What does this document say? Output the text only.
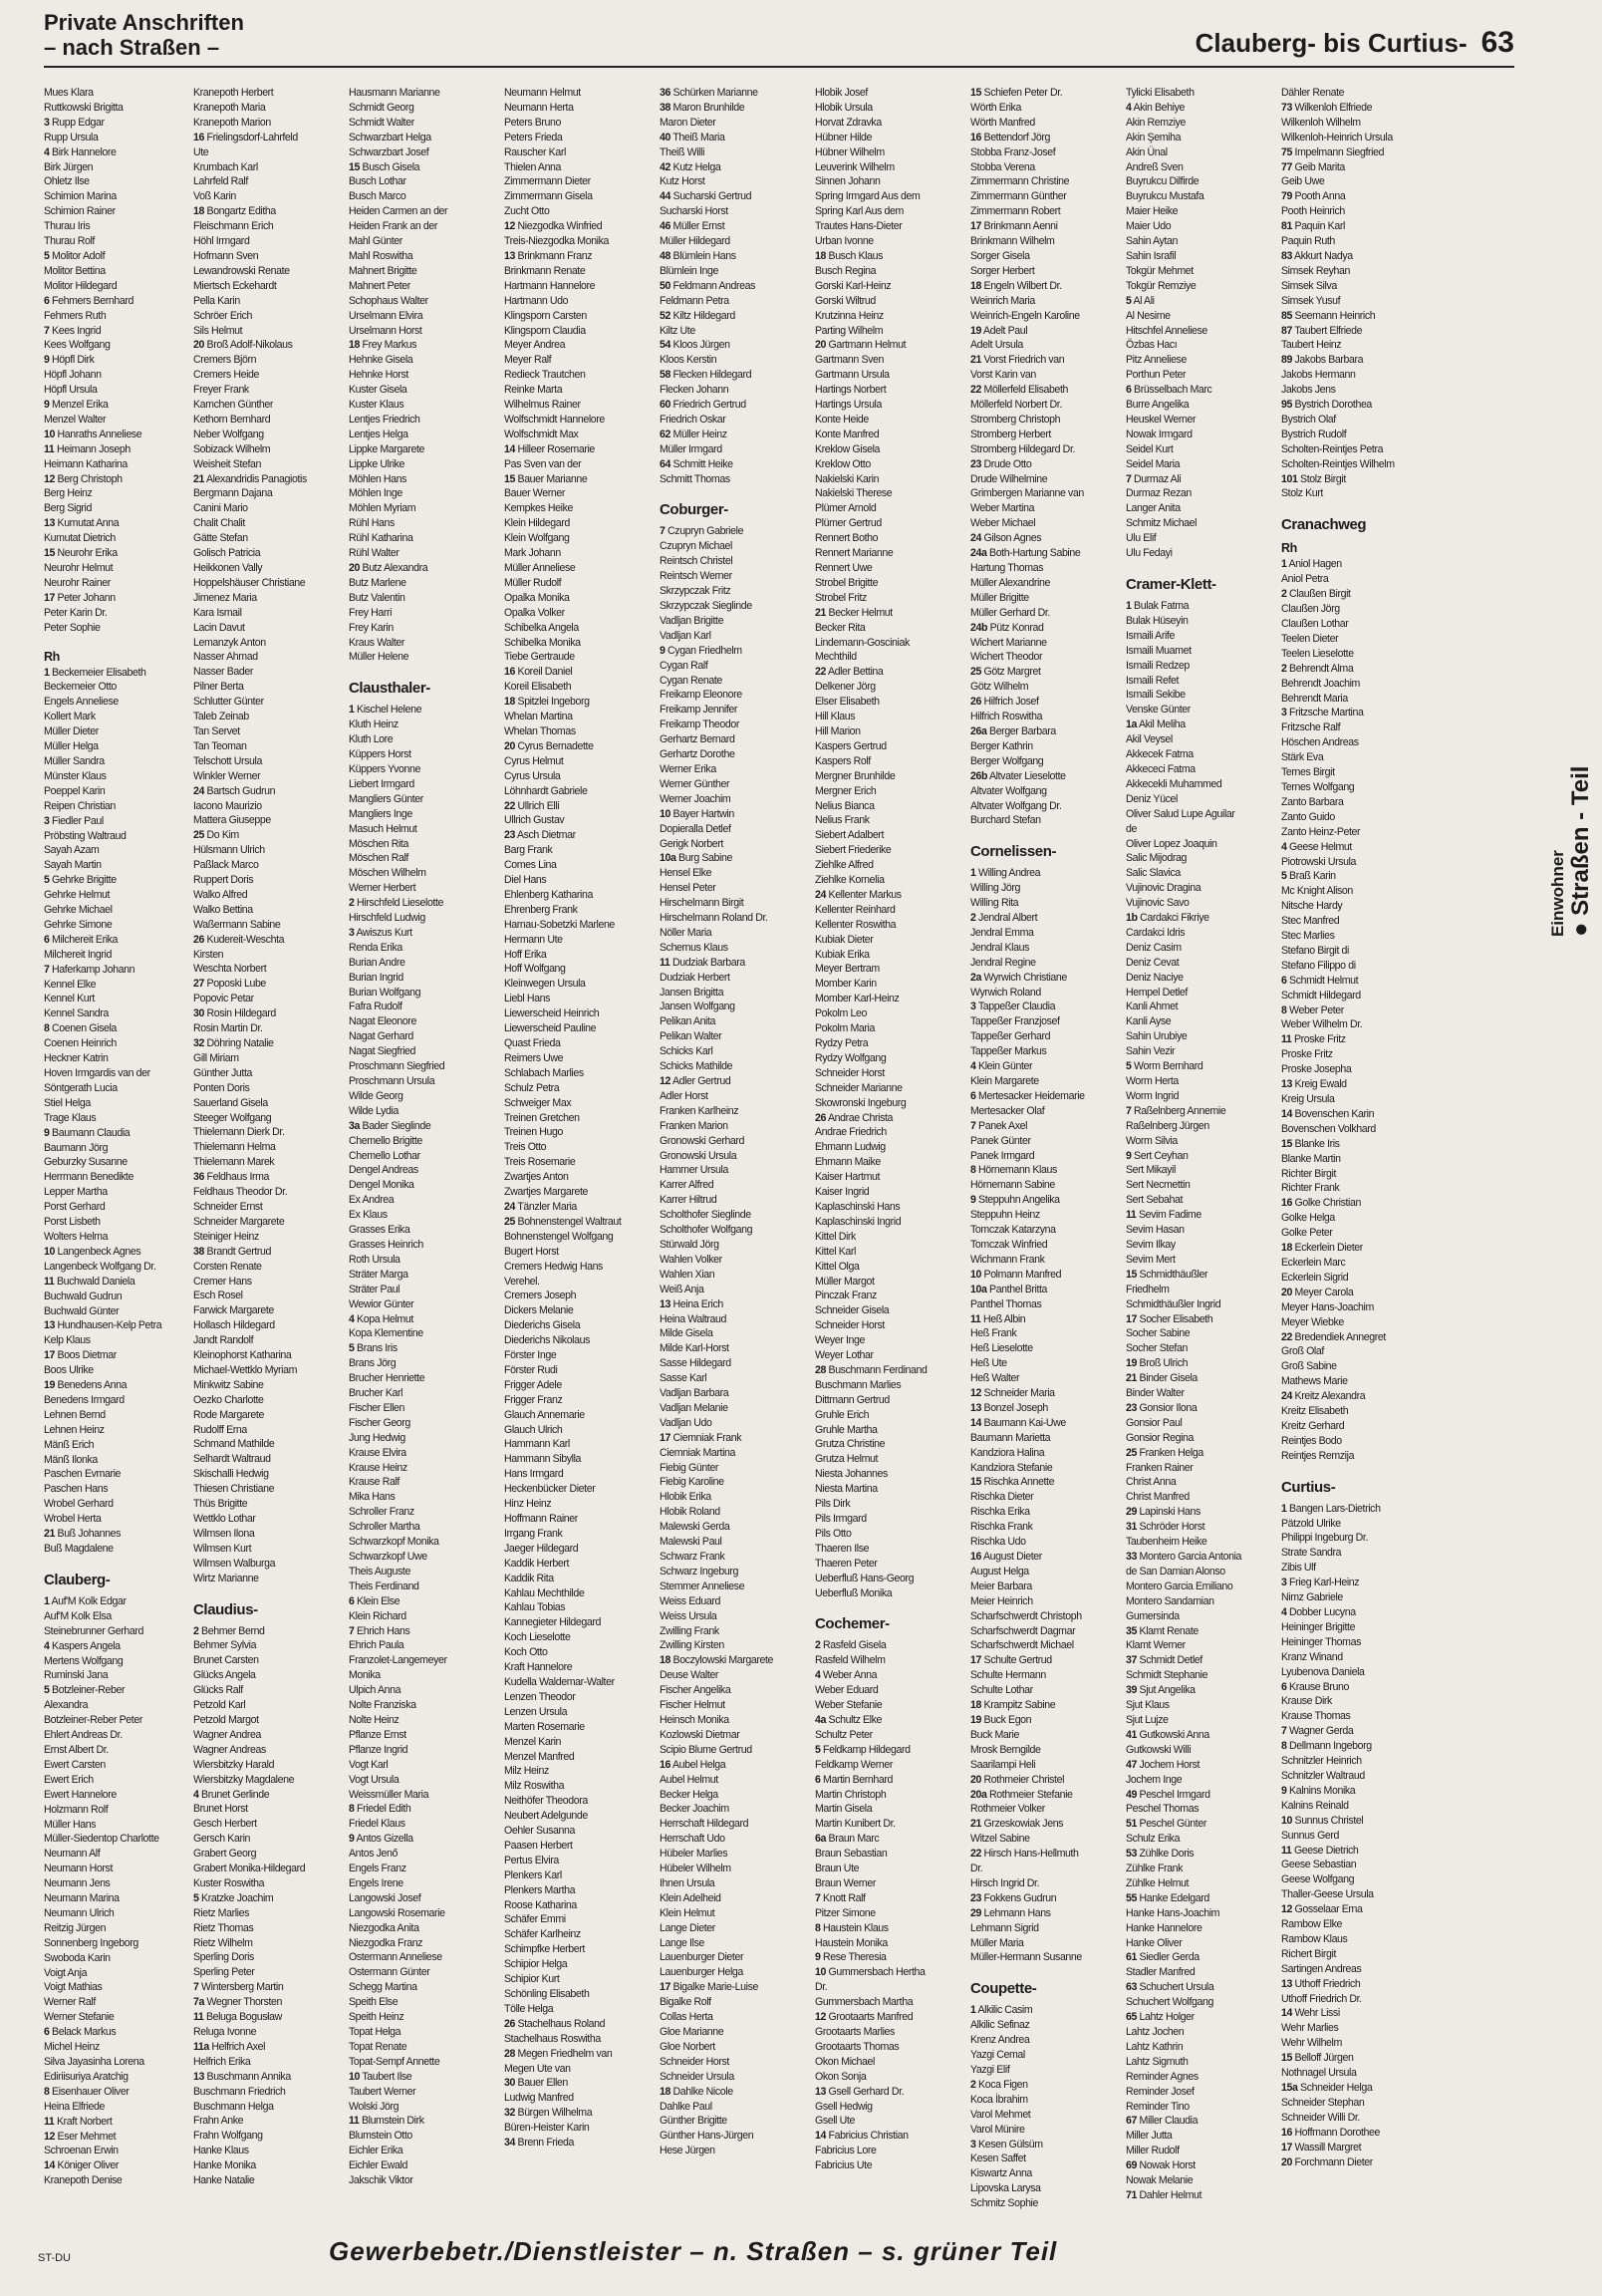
Private Anschriften
– nach Straßen –	Clauberg- bis Curtius- 63
Mues Klara
Ruttkowski Brigitta
3 Rupp Edgar
Rupp Ursula
4 Birk Hannelore
Birk Jürgen
Ohletz Ilse
Schimion Marina
Schimion Rainer
Thurau Iris
Thurau Rolf
5 Molitor Adolf
Molitor Bettina
Molitor Hildegard
6 Fehmers Bernhard
Fehmers Ruth
7 Kees Ingrid
Kees Wolfgang
9 Höpfl Dirk
Höpfl Johann
Höpfl Ursula
9 Menzel Erika
Menzel Walter
10 Hanraths Anneliese
11 Heimann Joseph
Heimann Katharina
12 Berg Christoph
Berg Heinz
Berg Sigrid
13 Kumutat Anna
Kumutat Dietrich
15 Neurohr Erika
Neurohr Helmut
Neurohr Rainer
17 Peter Johann
Peter Karin Dr.
Peter Sophie
Rh
1 Beckemeier Elisabeth
Beckemeier Otto
Engels Anneliese
Kollert Mark
Müller Dieter
Müller Helga
Müller Sandra
Münster Klaus
Poeppel Karin
Reipen Christian
3 Fiedler Paul
Pröbsting Waltraud
Sayah Azam
Sayah Martin
5 Gehrke Brigitte
Gehrke Helmut
Gehrke Michael
Gehrke Simone
6 Milchereit Erika
Milchereit Ingrid
7 Haferkamp Johann
Kennel Elke
Kennel Kurt
Kennel Sandra
8 Coenen Gisela
Coenen Heinrich
Heckner Katrin
Hoven Irmgardis van der
Söntgerath Lucia
Stiel Helga
Trage Klaus
9 Baumann Claudia
Baumann Jörg
Geburzky Susanne
Herrmann Benedikte
Lepper Martha
Porst Gerhard
Porst Lisbeth
Wolters Helma
10 Langenbeck Agnes
Langenbeck Wolfgang Dr.
11 Buchwald Daniela
Buchwald Gudrun
Buchwald Günter
13 Hundhausen-Kelp Petra
Kelp Klaus
17 Boos Dietmar
Boos Ulrike
19 Benedens Anna
Benedens Irmgard
Lehnen Bernd
Lehnen Heinz
Mänß Erich
Mänß Ilonka
Paschen Evmarie
Paschen Hans
Wrobel Gerhard
Wrobel Herta
21 Buß Johannes
Buß Magdalene
Clauberg-
1 Auf'M Kolk Edgar
Auf'M Kolk Elsa
Steinebrunner Gerhard
4 Kaspers Angela
Mertens Wolfgang
Ruminski Jana
5 Botzleiner-Reber
Alexandra
Botzleiner-Reber Peter
Ehlert Andreas Dr.
Ernst Albert Dr.
Ewert Carsten
Ewert Erich
Ewert Hannelore
Holzmann Rolf
Müller Hans
Müller-Siedentop Charlotte
Neumann Alf
Neumann Horst
Neumann Jens
Neumann Marina
Neumann Ulrich
Reitzig Jürgen
Sonnenberg Ingeborg
Swoboda Karin
Voigt Anja
Voigt Mathias
Werner Ralf
Werner Stefanie
6 Belack Markus
Michel Heinz
Silva Jayasinha Lorena
Ediriisuriya Aratchig
8 Eisenhauer Oliver
Heina Elfriede
11 Kraft Norbert
12 Eser Mehmet
Schroenan Erwin
14 Königer Oliver
Kranepoth Denise
Kranepoth Herbert
Kranepoth Maria
Kranepoth Marion
16 Frielingsdorf-Lahrfeld
Ute
Krumbach Karl
Lahrfeld Ralf
Voß Karin
18 Bongartz Editha
Fleischmann Erich
Höhl Irmgard
Hofmann Sven
Lewandrowski Renate
Miertsch Eckehardt
Pella Karin
Schröer Erich
Sils Helmut
20 Broß Adolf-Nikolaus
Cremers Björn
Cremers Heide
Freyer Frank
Kamchen Günther
Kethorn Bernhard
Neber Wolfgang
Sobizack Wilhelm
Weisheit Stefan
21 Alexandridis Panagiotis
Bergmann Dajana
Canini Mario
Chalit Chalit
Gätte Stefan
Golisch Patricia
Heikkonen Vally
Hoppelshäuser Christiane
Jimenez Maria
Kara Ismail
Lacin Davut
Lemanzyk Anton
Nasser Ahmad
Nasser Bader
Pilner Berta
Schlutter Günter
Taleb Zeinab
Tan Servet
Tan Teoman
Telschott Ursula
Winkler Werner
24 Bartsch Gudrun
Iacono Maurizio
Mattera Giuseppe
25 Do Kim
Hülsmann Ulrich
Paßlack Marco
Ruppert Doris
Walko Alfred
Walko Bettina
Waßermann Sabine
26 Kudereit-Weschta
Kirsten
Weschta Norbert
27 Poposki Lube
Popovic Petar
30 Rosin Hildegard
Rosin Martin Dr.
32 Döhring Natalie
Gill Miriam
Günther Jutta
Ponten Doris
Sauerland Gisela
Steeger Wolfgang
Thielemann Dierk Dr.
Thielemann Helma
Thielemann Marek
36 Feldhaus Irma
Feldhaus Theodor Dr.
Schneider Ernst
Schneider Margarete
Steiniger Heinz
38 Brandt Gertrud
Corsten Renate
Cremer Hans
Esch Rosel
Farwick Margarete
Hollasch Hildegard
Jandt Randolf
Kleinophorst Katharina
Michael-Wettklo Myriam
Minkwitz Sabine
Oezkо Charlotte
Rode Margarete
Rudolff Erna
Schmand Mathilde
Selhardt Waltraud
Skischalli Hedwig
Thiesen Christiane
Thüs Brigitte
Wettklo Lothar
Wilmsen Ilona
Wilmsen Kurt
Wilmsen Walburga
Wirtz Marianne
Claudius-
2 Behmer Bernd
Behmer Sylvia
Brunet Carsten
Glücks Angela
Glücks Ralf
Petzold Karl
Petzold Margot
Wagner Andrea
Wagner Andreas
Wiersbitzky Harald
Wiersbitzky Magdalene
4 Brunet Gerlinde
Brunet Horst
Gesch Herbert
Gersch Karin
Grabert Georg
Grabert Monika-Hildegard
Kuster Roswitha
5 Kratzke Joachim
Rietz Marlies
Rietz Thomas
Rietz Wilhelm
Sperling Doris
Sperling Peter
7 Wintersberg Martin
7a Wegner Thorsten
11 Beluga Bogusław
Reluga Ivonne
11a Helfrich Axel
Helfrich Erika
13 Buschmann Annika
Buschmann Friedrich
Buschmann Helga
Frahn Anke
Frahn Wolfgang
Hanke Klaus
Hanke Monika
Hanke Natalie
Hausmann Marianne
Schmidt Georg
Schmidt Walter
Schwarzbart Helga
Schwarzbart Josef
15 Busch Gisela
Busch Lothar
Busch Marco
Heiden Carmen an der
Heiden Frank an der
Mahl Günter
Mahl Roswitha
Mahnert Brigitte
Mahnert Peter
Schophaus Walter
Urselmann Elvira
Urselmann Horst
18 Frey Markus
Hehnke Gisela
Hehnke Horst
Kuster Gisela
Kuster Klaus
Lentjes Friedrich
Lentjes Helga
Lippke Margarete
Lippke Ulrike
Möhlen Hans
Möhlen Inge
Möhlen Myriam
Rühl Hans
Rühl Katharina
Rühl Walter
20 Butz Alexandra
Butz Marlene
Butz Valentin
Frey Harri
Frey Karin
Kraus Walter
Müller Helene
Clausthaler-
1 Kischel Helene
Kluth Heinz
Kluth Lore
Küppers Horst
Küppers Yvonne
Liebert Irmgard
Mangliers Günter
Mangliers Inge
Masuch Helmut
Möschen Rita
Möschen Ralf
Möschen Wilhelm
Werner Herbert
2 Hirschfeld Lieselotte
Hirschfeld Ludwig
3 Awiszus Kurt
Renda Erika
Burian Andre
Burian Ingrid
Burian Wolfgang
Fafra Rudolf
Nagat Eleonore
Nagat Gerhard
Nagat Siegfried
Proschmann Siegfried
Proschmann Ursula
Wilde Georg
Wilde Lydia
3a Bader Sieglinde
Chemello Brigitte
Chemello Lothar
Dengel Andreas
Dengel Monika
Ex Andrea
Ex Klaus
Grasses Erika
Grasses Heinrich
Roth Ursula
Sträter Marga
Sträter Paul
Wewior Günter
4 Kopa Helmut
Kopa Klementine
5 Brans Iris
Brans Jörg
Brucher Henriette
Brucher Karl
Fischer Ellen
Fischer Georg
Jung Hedwig
Krause Elvira
Krause Heinz
Krause Ralf
Mika Hans
Schroller Franz
Schroller Martha
Schwarzkopf Monika
Schwarzkopf Uwe
Theis Auguste
Theis Ferdinand
6 Klein Else
Klein Richard
7 Ehrich Hans
Ehrich Paula
Franzolet-Langemeyer
Monika
Ulpich Anna
Nolte Franziska
Nolte Heinz
Pflanze Ernst
Pflanze Ingrid
Vogt Karl
Vogt Ursula
Weissmüller Maria
8 Friedel Edith
Friedel Klaus
9 Antos Gizella
Antos Jenő
Engels Franz
Engels Irene
Langowski Josef
Langowski Rosemarie
Niezgodka Anita
Niezgodka Franz
Ostermann Anneliese
Ostermann Günter
Schegg Martina
Speith Else
Speith Heinz
Topat Helga
Topat Renate
Topat-Sempf Annette
10 Taubert Ilse
Taubert Werner
Wolski Jörg
11 Blumstein Dirk
Blumstein Otto
Eichler Erika
Eichler Ewald
Jakschik Viktor
Neumann Helmut
Neumann Herta
Peters Bruno
Peters Frieda
Rauscher Karl
Thielen Anna
Zimmermann Dieter
Zimmermann Gisela
Zucht Otto
12 Niezgodka Winfried
Treis-Niezgodka Monika
13 Brinkmann Franz
Brinkmann Renate
Hartmann Hannelore
Hartmann Udo
Klingsporn Carsten
Klingsporn Claudia
Meyer Andrea
Meyer Ralf
Redieck Trautchen
Reinke Marta
Wilhelmus Rainer
Wolfschmidt Hannelore
Wolfschmidt Max
14 Hilleer Rosemarie
Pas Sven van der
15 Bauer Marianne
Bauer Werner
Kempkes Heike
Klein Hildegard
Klein Wolfgang
Mark Johann
Müller Anneliese
Müller Rudolf
Opalka Monika
Opalka Volker
Schibelka Angela
Schibelka Monika
Tiebe Gertraude
16 Koreil Daniel
Koreil Elisabeth
18 Spitzlei Ingeborg
Whelan Martina
Whelan Thomas
20 Cyrus Bernadette
Cyrus Helmut
Cyrus Ursula
Löhnhardt Gabriele
22 Ullrich Elli
Ullrich Gustav
23 Asch Dietmar
Barg Frank
Comes Lina
Diel Hans
Ehlenberg Katharina
Ehrenberg Frank
Harnau-Sobetzki Marlene
Hermann Ute
Hoff Erika
Hoff Wolfgang
Kleinwegen Ursula
Liebl Hans
Liewerscheid Heinrich
Liewerscheid Pauline
Quast Frieda
Reimers Uwe
Schlabach Marlies
Schulz Petra
Schweiger Max
Treinen Gretchen
Treinen Hugo
Treis Otto
Treis Rosemarie
Zwartjes Anton
Zwartjes Margarete
24 Tänzler Maria
25 Bohnenstengel Waltraut
Bohnenstengel Wolfgang
Bugert Horst
Cremers Hedwig Hans
Verehel.
Cremers Joseph
Dickers Melanie
Diederichs Gisela
Diederichs Nikolaus
Förster Inge
Förster Rudi
Frigger Adele
Frigger Franz
Glauch Annemarie
Glauch Ulrich
Hammann Karl
Hammann Sibylla
Hans Irmgard
Heckenbücker Dieter
Hinz Heinz
Hoffmann Rainer
Irrgang Frank
Jaeger Hildegard
Kaddik Herbert
Kaddik Rita
Kahlau Mechthilde
Kahlau Tobias
Kannegieter Hildegard
Koch Lieselotte
Koch Otto
Kraft Hannelore
Kudella Waldemar-Walter
Lenzen Theodor
Lenzen Ursula
Marten Rosemarie
Menzel Karin
Menzel Manfred
Milz Heinz
Milz Roswitha
Neithöfer Theodora
Neubert Adelgunde
Oehler Susanna
Paasen Herbert
Pertus Elvira
Plenkers Karl
Plenkers Martha
Roose Katharina
Schäfer Emmi
Schäfer Karlheinz
Schimpfke Herbert
Schipior Helga
Schipior Kurt
Schönling Elisabeth
Tölle Helga
26 Stachelhaus Roland
Stachelhaus Roswitha
28 Megen Friedhelm van
Megen Ute van
30 Bauer Ellen
Ludwig Manfred
32 Bürgen Wilhelma
Büren-Heister Karin
34 Brenn Frieda
36 Schürken Marianne
38 Maron Brunhilde
Maron Dieter
40 Theiß Maria
Theiß Willi
42 Kutz Helga
Kutz Horst
44 Sucharski Gertrud
Sucharski Horst
46 Müller Ernst
Müller Hildegard
48 Blümlein Hans
Blümlein Inge
50 Feldmann Andreas
Feldmann Petra
52 Kiltz Hildegard
Kiltz Ute
54 Kloos Jürgen
Kloos Kerstin
58 Flecken Hildegard
Flecken Johann
60 Friedrich Gertrud
Friedrich Oskar
62 Müller Heinz
Müller Irmgard
64 Schmitt Heike
Schmitt Thomas
Coburger-
7 Czupryn Gabriele
Czupryn Michael
Reintsch Christel
Reintsch Werner
Skrzypczak Fritz
Skrzypczak Sieglinde
Vadljan Brigitte
Vadljan Karl
9 Cygan Friedhelm
Cygan Ralf
Cygan Renate
Freikamp Eleonore
Freikamp Jennifer
Freikamp Theodor
Gerhartz Bernard
Gerhartz Dorothe
Werner Erika
Werner Günther
Werner Joachim
10 Bayer Hartwin
Dopieralla Detlef
Gerigk Norbert
10a Burg Sabine
Hensel Elke
Hensel Peter
Hirschelmann Birgit
Hirschelmann Roland Dr.
Nöller Maria
Schernus Klaus
11 Dudziak Barbara
Dudziak Herbert
Jansen Brigitta
Jansen Wolfgang
Pelikan Anita
Pelikan Walter
Schicks Karl
Schicks Mathilde
12 Adler Gertrud
Adler Horst
Franken Karlheinz
Franken Marion
Gronowski Gerhard
Gronowski Ursula
Hammer Ursula
Karrer Alfred
Karrer Hiltrud
Scholthofer Sieglinde
Scholthofer Wolfgang
Stürwald Jörg
Wahlen Volker
Wahlen Xian
Weiß Anja
13 Heina Erich
Heina Waltraud
Milde Gisela
Milde Karl-Horst
Sasse Hildegard
Sasse Karl
Vadljan Barbara
Vadljan Melanie
Vadljan Udo
17 Ciemniak Frank
Ciemniak Martina
Fiebig Günter
Fiebig Karoline
Hlobik Erika
Hlobik Roland
Malewski Gerda
Malewski Paul
Schwarz Frank
Schwarz Ingeburg
Stemmer Anneliese
Weiss Eduard
Weiss Ursula
Zwilling Frank
Zwilling Kirsten
18 Boczylowski Margarete
Deuse Walter
Fischer Angelika
Fischer Helmut
Heinsch Monika
Kozlowski Dietmar
Scipio Blume Gertrud
16 Aubel Helga
Aubel Helmut
Becker Helga
Becker Joachim
Herrschaft Hildegard
Herrschaft Udo
Hübeler Marlies
Hübeler Wilhelm
Ihnen Ursula
Klein Adelheid
Klein Helmut
Lange Dieter
Lange Ilse
Lauenburger Dieter
Lauenburger Helga
17 Bigalke Marie-Luise
Bigalke Rolf
Collas Herta
Gloe Marianne
Gloe Norbert
Schneider Horst
Schneider Ursula
18 Dahlke Nicole
Dahlke Paul
Günther Brigitte
Günther Hans-Jürgen
Hese Jürgen
Hlobik Josef
Hlobik Ursula
Horvat Zdravka
Hübner Hilde
Hübner Wilhelm
Leuverink Wilhelm
Sinnen Johann
Spring Irmgard Aus dem
Spring Karl Aus dem
Trautes Hans-Dieter
Urban Ivonne
18 Busch Klaus
Busch Regina
Gorski Karl-Heinz
Gorski Wiltrud
Krutzinna Heinz
Parting Wilhelm
20 Gartmann Helmut
Gartmann Sven
Gartmann Ursula
Hartings Norbert
Hartings Ursula
Konte Heide
Konte Manfred
Kreklow Gisela
Kreklow Otto
Nakielski Karin
Nakielski Therese
Plümer Arnold
Plümer Gertrud
Rennert Botho
Rennert Marianne
Rennert Uwe
Strobel Brigitte
Strobel Fritz
21 Becker Helmut
Becker Rita
Lindemann-Gosciniak
Mechthild
22 Adler Bettina
Delkener Jörg
Elser Elisabeth
Hill Klaus
Hill Marion
Kaspers Gertrud
Kaspers Rolf
Mergner Brunhilde
Mergner Erich
Nelius Bianca
Nelius Frank
Siebert Adalbert
Siebert Friederike
Ziehlke Alfred
Ziehlke Kornelia
24 Kellenter Markus
Kellenter Reinhard
Kellenter Roswitha
Kubiak Dieter
Kubiak Erika
Meyer Bertram
Momber Karin
Momber Karl-Heinz
Pokolm Leo
Pokolm Maria
Rydzy Petra
Rydzy Wolfgang
Schneider Horst
Schneider Marianne
Skowronski Ingeburg
26 Andrae Christa
Andrae Friedrich
Ehmann Ludwig
Ehmann Maike
Kaiser Hartmut
Kaiser Ingrid
Kaplaschinski Hans
Kaplaschinski Ingrid
Kittel Dirk
Kittel Karl
Kittel Olga
Müller Margot
Pinczak Franz
Schneider Gisela
Schneider Horst
Weyer Inge
Weyer Lothar
28 Buschmann Ferdinand
Buschmann Marlies
Dittmann Gertrud
Gruhle Erich
Gruhle Martha
Grutza Christine
Grutza Helmut
Niesta Johannes
Niesta Martina
Pils Dirk
Pils Irmgard
Pils Otto
Thaeren Ilse
Thaeren Peter
Ueberfluß Hans-Georg
Ueberfluß Monika
Cochemer-
2 Rasfeld Gisela
Rasfeld Wilhelm
4 Weber Anna
Weber Eduard
Weber Stefanie
4a Schultz Elke
Schultz Peter
5 Feldkamp Hildegard
Feldkamp Werner
6 Martin Bernhard
Martin Christoph
Martin Gisela
Martin Kunibert Dr.
6a Braun Marc
Braun Sebastian
Braun Ute
Braun Werner
7 Knott Ralf
Pitzer Simone
8 Haustein Klaus
Haustein Monika
9 Rese Theresia
10 Gummersbach Hertha
Dr.
Gummersbach Martha
12 Grootaarts Manfred
Grootaarts Marlies
Grootaarts Thomas
Okon Michael
Okon Sonja
13 Gsell Gerhard Dr.
Gsell Hedwig
Gsell Ute
14 Fabricius Christian
Fabricius Lore
Fabricius Ute
15 Schiefen Peter Dr.
Wörth Erika
Wörth Manfred
16 Bettendorf Jörg
Stobba Franz-Josef
Stobba Verena
Zimmermann Christine
Zimmermann Günther
Zimmermann Robert
17 Brinkmann Aenni
Brinkmann Wilhelm
Sorger Gisela
Sorger Herbert
18 Engeln Wilbert Dr.
Weinrich Maria
Weinrich-Engeln Karoline
19 Adelt Paul
Adelt Ursula
21 Vorst Friedrich van
Vorst Karin van
22 Möllerfeld Elisabeth
Möllerfeld Norbert Dr.
Stromberg Christoph
Stromberg Herbert
Stromberg Hildegard Dr.
23 Drude Otto
Drude Wilhelmine
Grimbergen Marianne van
Weber Martina
Weber Michael
24 Gilson Agnes
24a Both-Hartung Sabine
Hartung Thomas
Müller Alexandrine
Müller Brigitte
Müller Gerhard Dr.
24b Pütz Konrad
Wichert Marianne
Wichert Theodor
25 Götz Margret
Götz Wilhelm
26 Hilfrich Josef
Hilfrich Roswitha
26a Berger Barbara
Berger Kathrin
Berger Wolfgang
26b Altvater Lieselotte
Altvater Wolfgang
Altvater Wolfgang Dr.
Burchard Stefan
Cornelissen-
1 Willing Andrea
Willing Jörg
Willing Rita
2 Jendral Albert
Jendral Emma
Jendral Klaus
Jendral Regine
2a Wyrwich Christiane
Wyrwich Roland
3 Tappeßer Claudia
Tappeßer Franzjosef
Tappeßer Gerhard
Tappeßer Markus
4 Klein Günter
Klein Margarete
6 Mertesacker Heidemarie
Mertesacker Olaf
7 Panek Axel
Panek Günter
Panek Irmgard
8 Hörnemann Klaus
Hörnemann Sabine
9 Steppuhn Angelika
Steppuhn Heinz
Tomczak Katarzyna
Tomczak Winfried
Wichmann Frank
10 Polmann Manfred
10a Panthel Britta
Panthel Thomas
11 Heß Albin
Heß Frank
Heß Lieselotte
Heß Ute
Heß Walter
12 Schneider Maria
13 Bonzel Joseph
14 Baumann Kai-Uwe
Baumann Marietta
Kandziora Halina
Kandziora Stefanie
15 Rischka Annette
Rischka Dieter
Rischka Erika
Rischka Frank
Rischka Udo
16 August Dieter
August Helga
Meier Barbara
Meier Heinrich
Scharfschwerdt Christoph
Scharfschwerdt Dagmar
Scharfschwerdt Michael
17 Schulte Gertrud
Schulte Hermann
Schulte Lothar
18 Krampitz Sabine
19 Buck Egon
Buck Marie
Mrosk Berngilde
Saarilampi Heli
20 Rothmeier Christel
20a Rothmeier Stefanie
Rothmeier Volker
21 Grzeskowiak Jens
Witzel Sabine
22 Hirsch Hans-Hellmuth
Dr.
Hirsch Ingrid Dr.
23 Fokkens Gudrun
29 Lehmann Hans
Lehmann Sigrid
Müller Maria
Müller-Hermann Susanne
Coupette-
1 Alkilic Casim
Alkilic Sefinaz
Krenz Andrea
Yazgi Cemal
Yazgi Elif
2 Koca Figen
Koca İbrahim
Varol Mehmet
Varol Münire
3 Kesen Gülsüm
Kesen Saffet
Kiswartz Anna
Lipovska Larysa
Schmitz Sophie
Tylicki Elisabeth
4 Akin Behiye
Akin Remziye
Akin Şemiha
Akin Ünal
Andreß Sven
Buyrukcu Dilfirde
Buyrukcu Mustafa
Maier Heike
Maier Udo
Sahin Aytan
Sahin Israfil
Tokgür Mehmet
Tokgür Remziye
5 Al Ali
Al Nesime
Hitschfel Anneliese
Özbas Hacı
Pitz Anneliese
Porthun Peter
6 Brüsselbach Marc
Burre Angelika
Heuskel Werner
Nowak Irmgard
Seidel Kurt
Seidel Maria
7 Durmaz Ali
Durmaz Rezan
Langer Anita
Schmitz Michael
Ulu Elif
Ulu Fedayi
Cramer-Klett-
1 Bulak Fatma
Bulak Hüseyin
Ismaili Arife
Ismaili Muamet
Ismaili Redzep
Ismaili Refet
Ismaili Sekibe
Venske Günter
1a Akil Meliha
Akil Veysel
Akkecek Fatma
Akkececi Fatma
Akkecekli Muhammed
Deniz Yücel
Oliver Salud Lupe Aguilar
de
Oliver Lopez Joaquin
Salic Mijodrag
Salic Slavica
Vujinovic Dragina
Vujinovic Savo
1b Cardakci Fikriye
Cardakci Idris
Deniz Casim
Deniz Cevat
Deniz Naciye
Hempel Detlef
Kanli Ahmet
Kanli Ayse
Sahin Urubiye
Sahin Vezir
5 Worm Bernhard
Worm Herta
Worm Ingrid
7 Raßelnberg Annemie
Raßelnberg Jürgen
Worm Silvia
9 Sert Ceyhan
Sert Mikayil
Sert Necmettin
Sert Sebahat
11 Sevim Fadime
Sevim Hasan
Sevim Ilkay
Sevim Mert
15 Schmidthäußler
Friedhelm
Schmidthäußler Ingrid
17 Socher Elisabeth
Socher Sabine
Socher Stefan
19 Broß Ulrich
21 Binder Gisela
Binder Walter
23 Gonsior Ilona
Gonsior Paul
Gonsior Regina
25 Franken Helga
Franken Rainer
Christ Anna
Christ Manfred
29 Lapinski Hans
31 Schröder Horst
Taubenheim Heike
33 Montero Garcia Antonia
de San Damian Alonso
Montero Garcia Emiliano
Montero Sandamian
Gumersinda
35 Klamt Renate
Klamt Werner
37 Schmidt Detlef
Schmidt Stephanie
39 Sjut Angelika
Sjut Klaus
Sjut Lujze
41 Gutkowski Anna
Gutkowski Willi
47 Jochem Horst
Jochem Inge
49 Peschel Irmgard
Peschel Thomas
51 Peschel Günter
Schulz Erika
53 Zühlke Doris
Zühlke Frank
Zühlke Helmut
55 Hanke Edelgard
Hanke Hans-Joachim
Hanke Hannelore
Hanke Oliver
61 Siedler Gerda
Stadler Manfred
63 Schuchert Ursula
Schuchert Wolfgang
65 Lahtz Holger
Lahtz Jochen
Lahtz Kathrin
Lahtz Sigmuth
Reminder Agnes
Reminder Josef
Reminder Tino
67 Miller Claudia
Miller Jutta
Miller Rudolf
69 Nowak Horst
Nowak Melanie
71 Dahler Helmut
Dähler Renate
73 Wilkenloh Elfriede
Wilkenloh Wilhelm
Wilkenloh-Heinrich Ursula
75 Impelmann Siegfried
77 Geib Marita
Geib Uwe
79 Pooth Anna
Pooth Heinrich
81 Paquin Karl
Paquin Ruth
83 Akkurt Nadya
Simsek Reyhan
Simsek Silva
Simsek Yusuf
85 Seemann Heinrich
87 Taubert Elfriede
Taubert Heinz
89 Jakobs Barbara
Jakobs Hermann
Jakobs Jens
95 Bystrich Dorothea
Bystrich Olaf
Bystrich Rudolf
Scholten-Reintjes Petra
Scholten-Reintjes Wilhelm
101 Stolz Birgit
Stolz Kurt
Cranachweg
Rh
1 Aniol Hagen
Aniol Petra
2 Claußen Birgit
Claußen Jörg
Claußen Lothar
Teelen Dieter
Teelen Lieselotte
2 Behrendt Alma
Behrendt Joachim
Behrendt Maria
3 Fritzsche Martina
Fritzsche Ralf
Höschen Andreas
Stärk Eva
Ternes Birgit
Ternes Wolfgang
Zanto Barbara
Zanto Guido
Zanto Heinz-Peter
4 Geese Helmut
Piotrowski Ursula
5 Braß Karin
Mc Knight Alison
Nitsche Hardy
Stec Manfred
Stec Marlies
Stefano Birgit di
Stefano Filippo di
6 Schmidt Helmut
Schmidt Hildegard
8 Weber Peter
Weber Wilhelm Dr.
11 Proske Fritz
Proske Fritz
Proske Josepha
13 Kreig Ewald
Kreig Ursula
14 Bovenschen Karin
Bovenschen Volkhard
15 Blanke Iris
Blanke Martin
Richter Birgit
Richter Frank
16 Golke Christian
Golke Helga
Golke Peter
18 Eckerlein Dieter
Eckerlein Marc
Eckerlein Sigrid
20 Meyer Carola
Meyer Hans-Joachim
Meyer Wiebke
22 Bredendiek Annegret
Groß Olaf
Groß Sabine
Mathews Marie
24 Kreitz Alexandra
Kreitz Elisabeth
Kreitz Gerhard
Reintjes Bodo
Reintjes Remzija
Curtius-
1 Bangen Lars-Dietrich
Pätzold Ulrike
Philippi Ingeburg Dr.
Strate Sandra
Zibis Ulf
3 Frieg Karl-Heinz
Nimz Gabriele
4 Dobber Lucyna
Heininger Brigitte
Heininger Thomas
Kranz Winand
Lyubenova Daniela
6 Krause Bruno
Krause Dirk
Krause Thomas
7 Wagner Gerda
8 Dellmann Ingeborg
Schnitzler Heinrich
Schnitzler Waltraud
9 Kalnins Monika
Kalnins Reinald
10 Sunnus Christel
Sunnus Gerd
11 Geese Dietrich
Geese Sebastian
Geese Wolfgang
Thaller-Geese Ursula
12 Gosselaar Erna
Rambow Elke
Rambow Klaus
Richert Birgit
Sartingen Andreas
13 Uthoff Friedrich
Uthoff Friedrich Dr.
14 Wehr Lissi
Wehr Marlies
Wehr Wilhelm
15 Belloff Jürgen
Nothnagel Ursula
15a Schneider Helga
Schneider Stephan
Schneider Willi Dr.
16 Hoffmann Dorothee
17 Wassill Margret
20 Forchmann Dieter
Einwohner ● Straßen - Teil
ST-DU	Gewerbebetr./Dienstleister – n. Straßen – s. grüner Teil
